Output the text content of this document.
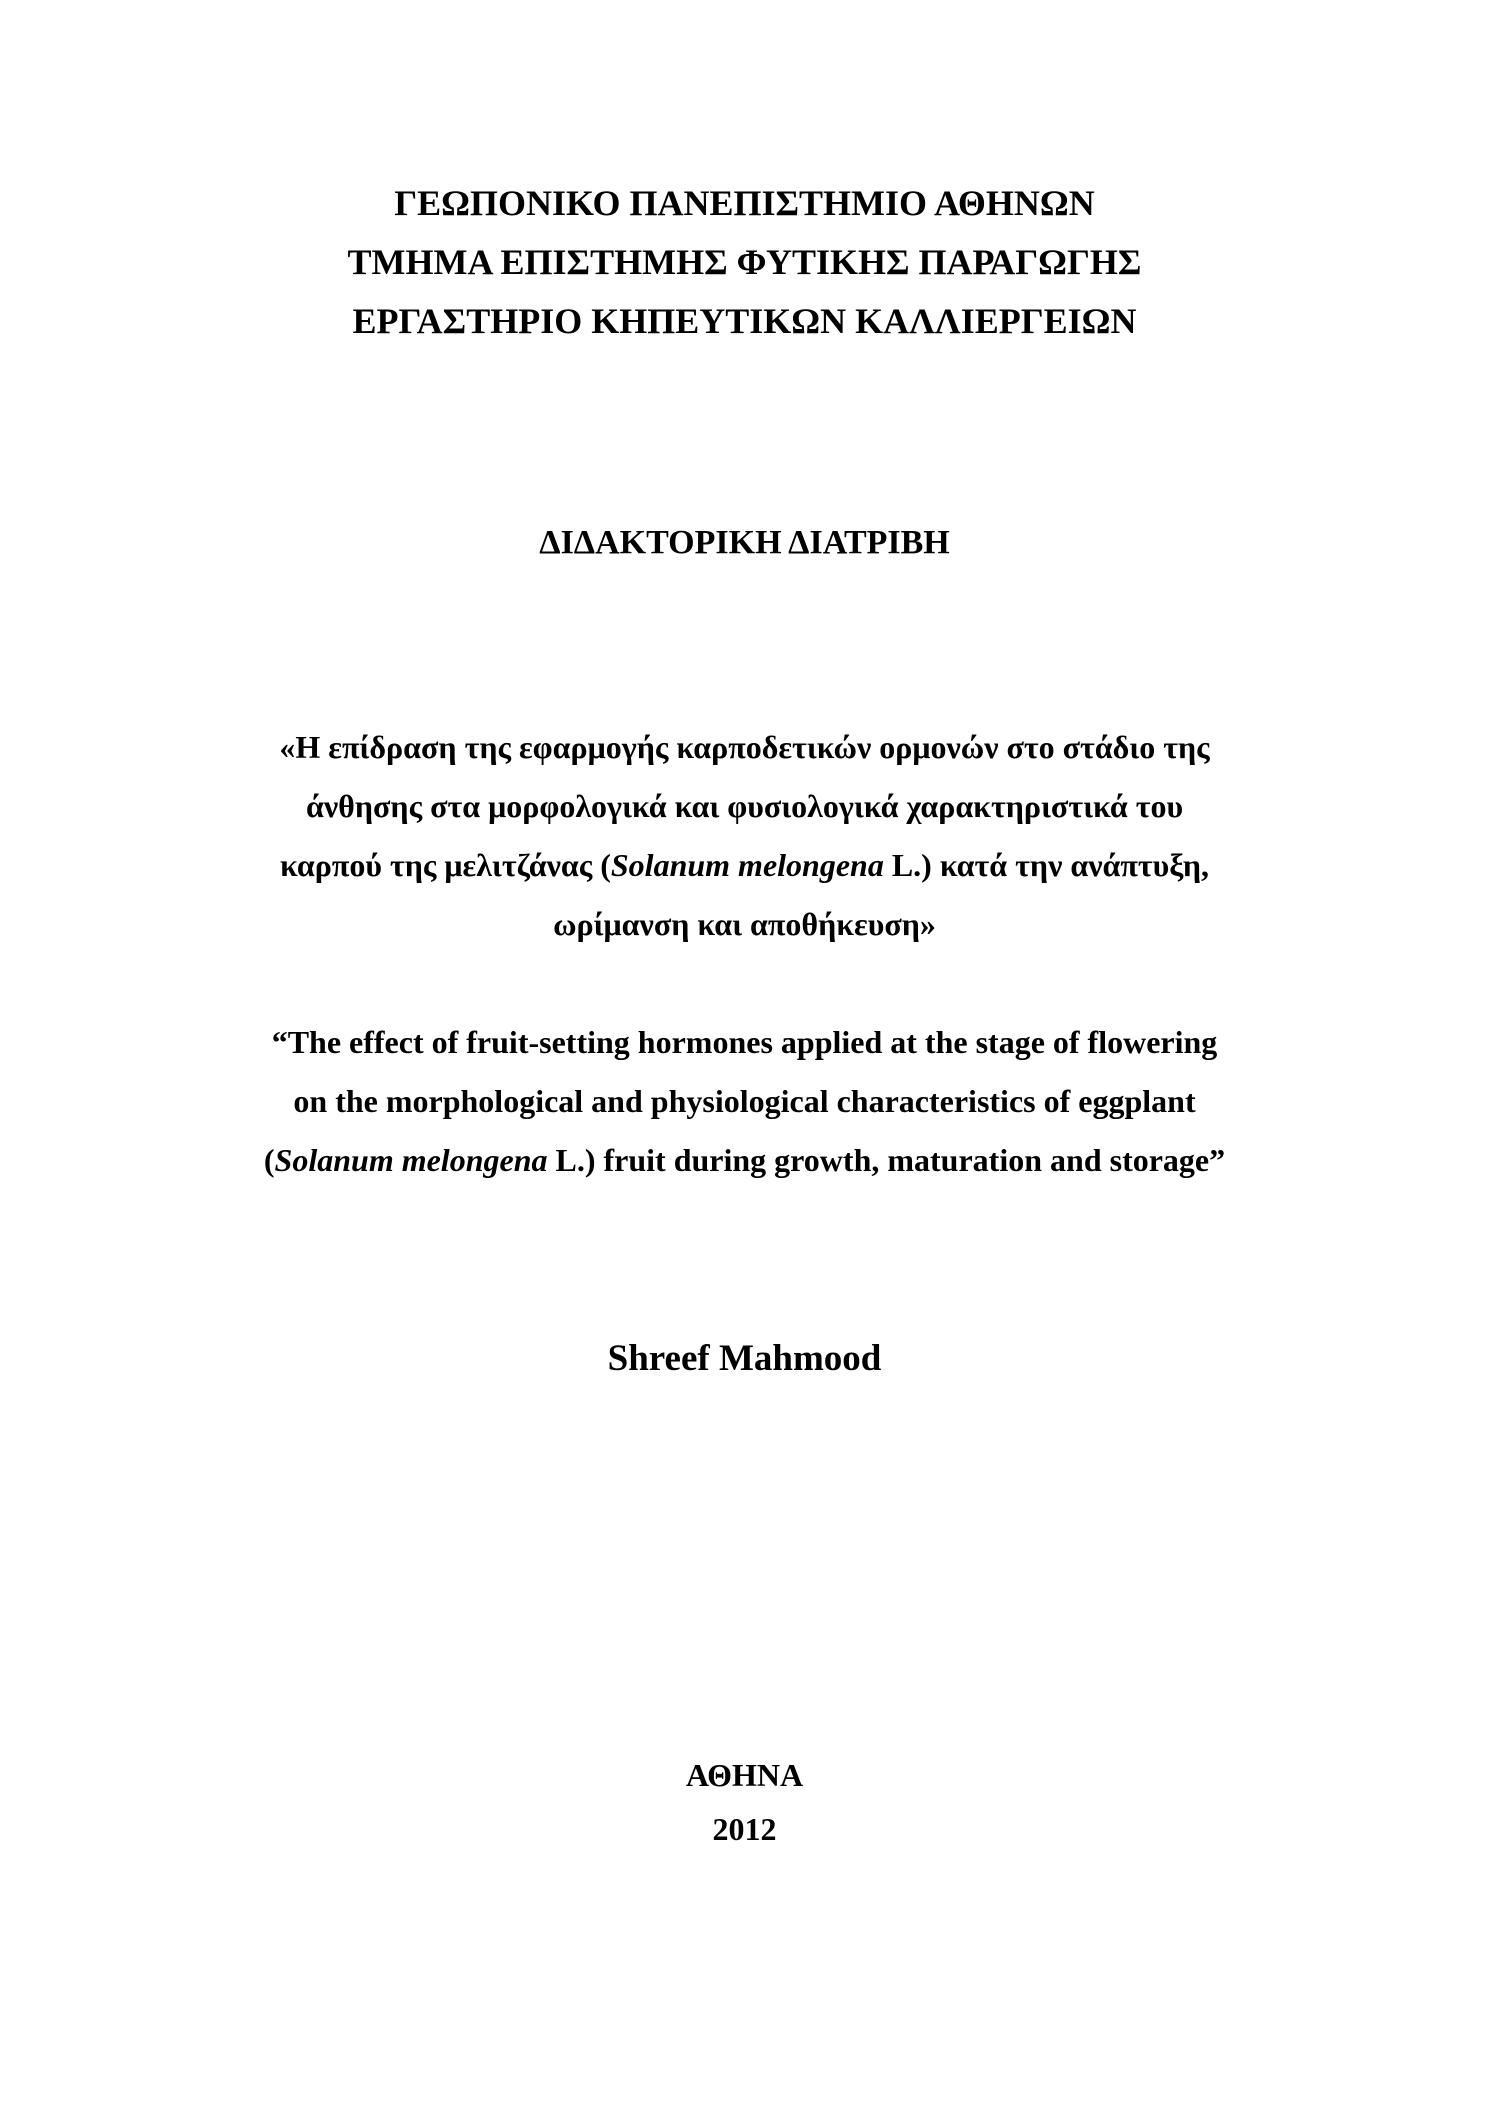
ΓΕΩΠΟΝΙΚΟ ΠΑΝΕΠΙΣΤΗΜΙΟ ΑΘΗΝΩΝ
ΤΜΗΜΑ ΕΠΙΣΤΗΜΗΣ ΦΥΤΙΚΗΣ ΠΑΡΑΓΩΓΗΣ
ΕΡΓΑΣΤΗΡΙΟ ΚΗΠΕΥΤΙΚΩΝ ΚΑΛΛΙΕΡΓΕΙΩΝ
ΔΙΔΑΚΤΟΡΙΚΗ ΔΙΑΤΡΙΒΗ
«Η επίδραση της εφαρμογής καρποδετικών ορμονών στο στάδιο της
άνθησης στα μορφολογικά και φυσιολογικά χαρακτηριστικά του
καρπού της μελιτζάνας (Solanum melongena L.) κατά την ανάπτυξη,
ωρίμανση και αποθήκευση»
“The effect of fruit-setting hormones applied at the stage of flowering
on the morphological and physiological characteristics of eggplant
(Solanum melongena L.) fruit during growth, maturation and storage”
Shreef Mahmood
ΑΘΗΝΑ
2012
